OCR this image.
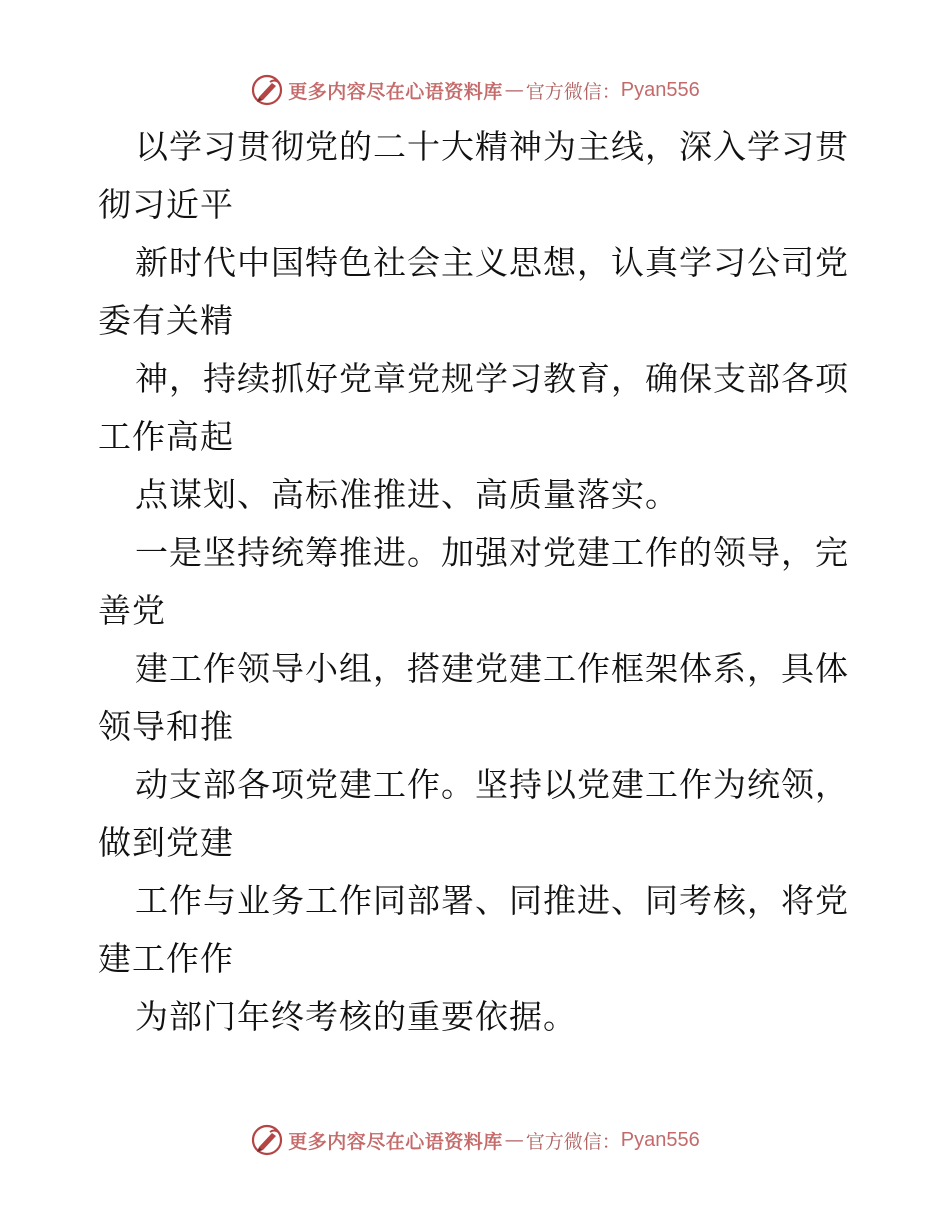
更多内容尽在心语资料库 — 官方微信 ： Pyan556
以学习贯彻党的二十大精神为主线，深入学习贯
彻习近平
新时代中国特色社会主义思想，认真学习公司党
委有关精
神，持续抓好党章党规学习教育，确保支部各项
工作高起
点谋划、高标准推进、高质量落实。
一是坚持统筹推进。加强对党建工作的领导，完
善党
建工作领导小组，搭建党建工作框架体系，具体
领导和推
动支部各项党建工作。坚持以党建工作为统领，
做到党建
工作与业务工作同部署、同推进、同考核，将党
建工作作
为部门年终考核的重要依据。
更多内容尽在心语资料库 — 官方微信 ： Pyan556
